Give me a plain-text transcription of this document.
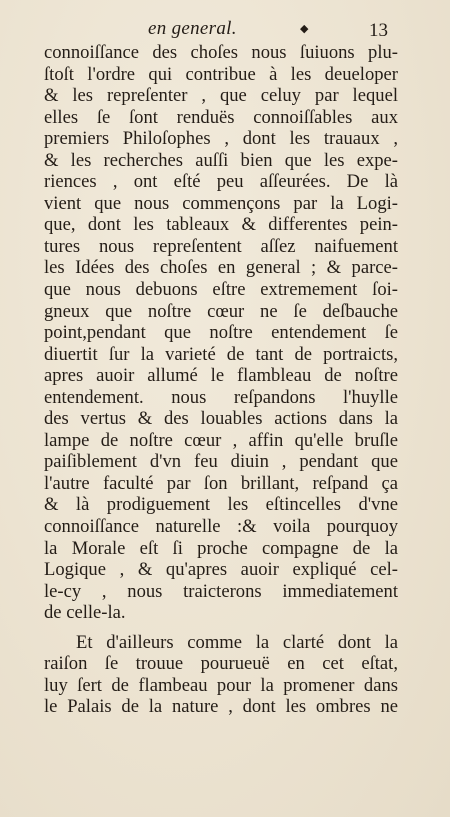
en general.	◆	13
connoiſſance des choſes nous ſuiuons plu-
ſtoſt l'ordre qui contribue à les deueloper
& les repreſenter , que celuy par lequel
elles ſe ſont renduës connoiſſables aux
premiers Philoſophes , dont les trauaux ,
& les recherches auſſi bien que les expe-
riences , ont eſté peu aſſeurées. De là
vient que nous commençons par la Logi-
que, dont les tableaux & differentes pein-
tures nous repreſentent aſſez naifuement
les Idées des choſes en general ; & parce-
que nous debuons eſtre extremement ſoi-
gneux que noſtre cœur ne ſe deſbauche
point,pendant que noſtre entendement ſe
diuertit ſur la varieté de tant de portraicts,
apres auoir allumé le flambleau de noſtre
entendement. nous reſpandons l'huylle
des vertus & des louables actions dans la
lampe de noſtre cœur , affin qu'elle bruſle
paiſiblement d'vn feu diuin , pendant que
l'autre faculté par ſon brillant, reſpand ça
& là prodiguement les eſtincelles d'vne
connoiſſance naturelle :& voila pourquoy
la Morale eſt ſi proche compagne de la
Logique , & qu'apres auoir expliqué cel-
le-cy , nous traicterons immediatement
de celle-la.
Et d'ailleurs comme la clarté dont la
raiſon ſe trouue pourueuë en cet eſtat,
luy ſert de flambeau pour la promener dans
le Palais de la nature , dont les ombres ne
